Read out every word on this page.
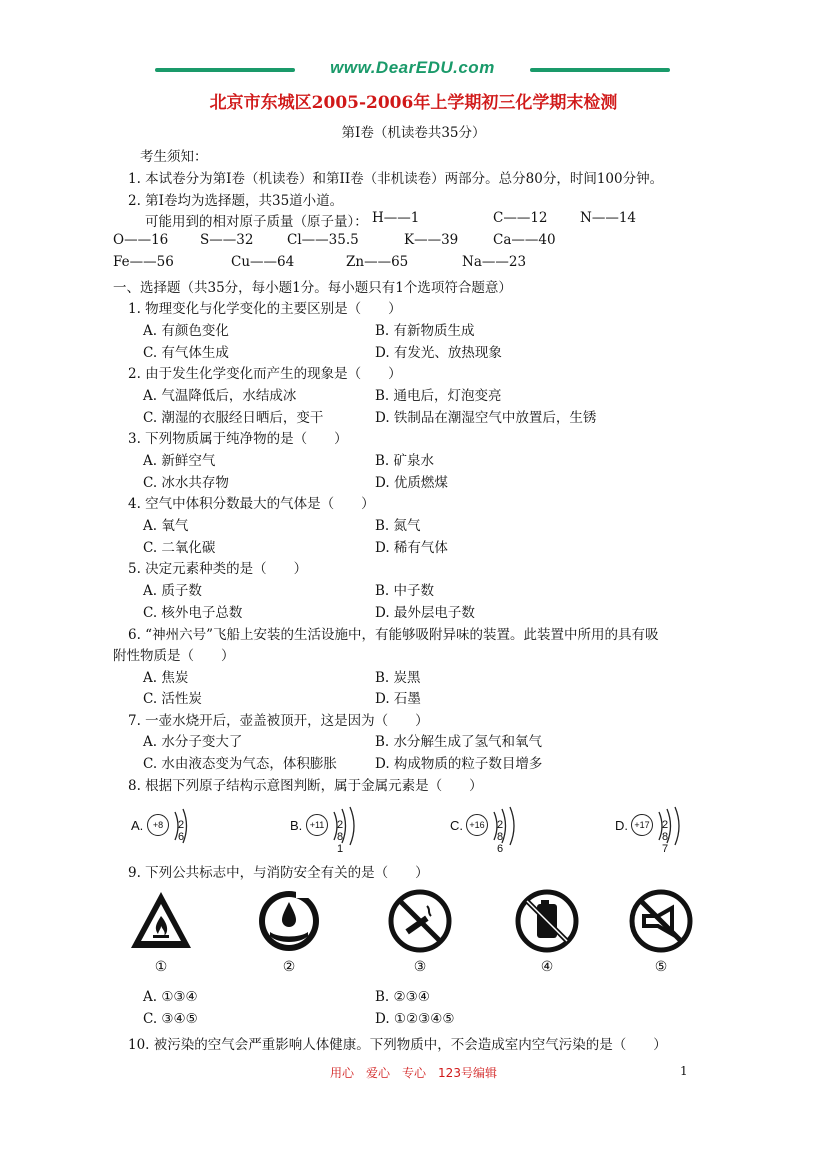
www.DearEDU.com
北京市东城区2005-2006年上学期初三化学期末检测
第I卷（机读卷共35分）
考生须知：
1. 本试卷分为第I卷（机读卷）和第II卷（非机读卷）两部分。总分80分，时间100分钟。
2. 第I卷均为选择题，共35道小道。
可能用到的相对原子质量（原子量）： H——1	C——12 N——14
O——16 S——32 Cl——35.5	K——39	Ca——40
Fe——56	Cu——64	Zn——65	Na——23
一、选择题（共35分，每小题1分。每小题只有1个选项符合题意）
1. 物理变化与化学变化的主要区别是（　　）
A. 有颜色变化	B. 有新物质生成
C. 有气体生成	D. 有发光、放热现象
2. 由于发生化学变化而产生的现象是（　　）
A. 气温降低后，水结成冰	B. 通电后，灯泡变亮
C. 潮湿的衣服经日晒后，变干	D. 铁制品在潮湿空气中放置后，生锈
3. 下列物质属于纯净物的是（　　）
A. 新鲜空气	B. 矿泉水
C. 冰水共存物	D. 优质燃煤
4. 空气中体积分数最大的气体是（　　）
A. 氧气	B. 氮气
C. 二氧化碳	D. 稀有气体
5. 决定元素种类的是（　　）
A. 质子数	B. 中子数
C. 核外电子总数	D. 最外层电子数
6. “神州六号”飞船上安装的生活设施中，有能够吸附异味的装置。此装置中所用的具有吸
附性物质是（　　）
A. 焦炭	B. 炭黑
C. 活性炭	D. 石墨
7. 一壶水烧开后，壶盖被顶开，这是因为（　　）
A. 水分子变大了	B. 水分解生成了氢气和氧气
C. 水由液态变为气态，体积膨胀	D. 构成物质的粒子数目增多
8. 根据下列原子结构示意图判断，属于金属元素是（　　）
A.	+8	2 6
B. +11	2 8 1
C. +16	2 8 6
D. +17	2 8 7
9. 下列公共标志中，与消防安全有关的是（　　）
①	②	③	④	⑤
A. ①③④	B. ②③④
C. ③④⑤	D. ①②③④⑤
10. 被污染的空气会严重影响人体健康。下列物质中，不会造成室内空气污染的是（　　）
用心　爱心　专心　123号编辑	1
